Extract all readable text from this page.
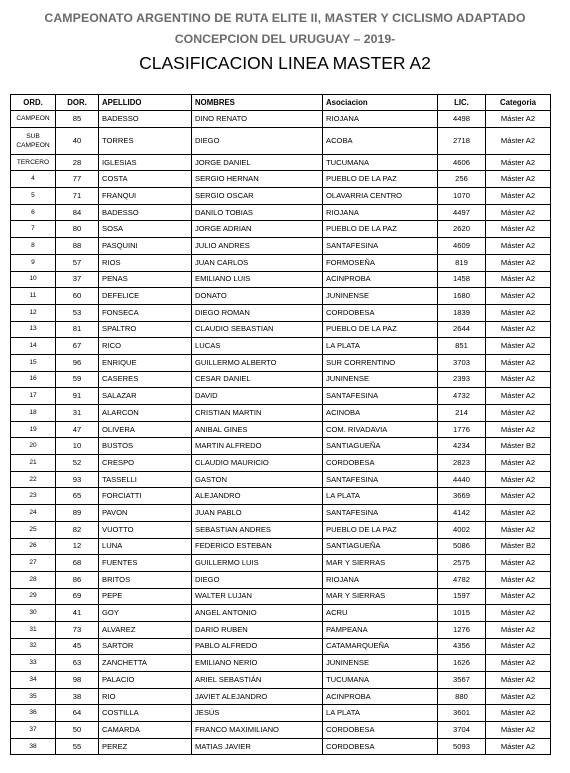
CAMPEONATO ARGENTINO DE RUTA ELITE II, MASTER Y CICLISMO ADAPTADO
CONCEPCION DEL URUGUAY – 2019-
CLASIFICACION LINEA MASTER A2
ORD.	DOR.	APELLIDO	NOMBRES	Asociacion	LIC.	Categoria
CAMPEON	85	BADESSO	DINO RENATO	RIOJANA	4498	Máster A2
SUB CAMPEON	40	TORRES	DIEGO	ACOBA	2718	Máster A2
TERCERO	28	IGLESIAS	JORGE DANIEL	TUCUMANA	4606	Máster A2
4	77	COSTA	SERGIO HERNAN	PUEBLO DE LA PAZ	256	Máster A2
5	71	FRANQUI	SERGIO OSCAR	OLAVARRIA CENTRO	1070	Máster A2
6	84	BADESSO	DANILO TOBIAS	RIOJANA	4497	Máster A2
7	80	SOSA	JORGE ADRIAN	PUEBLO DE LA PAZ	2620	Máster A2
8	88	PASQUINI	JULIO ANDRES	SANTAFESINA	4609	Máster A2
9	57	RIOS	JUAN CARLOS	FORMOSEÑA	819	Máster A2
10	37	PENAS	EMILIANO LUIS	ACINPROBA	1458	Máster A2
11	60	DEFELICE	DONATO	JUNINENSE	1680	Máster A2
12	53	FONSECA	DIEGO ROMAN	CORDOBESA	1839	Máster A2
13	81	SPALTRO	CLAUDIO SEBASTIAN	PUEBLO DE LA PAZ	2644	Máster A2
14	67	RICO	LUCAS	LA PLATA	851	Máster A2
15	96	ENRIQUE	GUILLERMO ALBERTO	SUR CORRENTINO	3703	Máster A2
16	59	CASERES	CESAR DANIEL	JUNINENSE	2393	Máster A2
17	91	SALAZAR	DAVID	SANTAFESINA	4732	Máster A2
18	31	ALARCON	CRISTIAN MARTIN	ACINOBA	214	Máster A2
19	47	OLIVERA	ANIBAL GINES	COM. RIVADAVIA	1776	Máster A2
20	10	BUSTOS	MARTIN ALFREDO	SANTIAGUEÑA	4234	Máster B2
21	52	CRESPO	CLAUDIO MAURICIO	CORDOBESA	2823	Máster A2
22	93	TASSELLI	GASTON	SANTAFESINA	4440	Máster A2
23	65	FORCIATTI	ALEJANDRO	LA PLATA	3669	Máster A2
24	89	PAVON	JUAN PABLO	SANTAFESINA	4142	Máster A2
25	82	VUOTTO	SEBASTIAN ANDRES	PUEBLO DE LA PAZ	4002	Máster A2
26	12	LUNA	FEDERICO ESTEBAN	SANTIAGUEÑA	5086	Máster B2
27	68	FUENTES	GUILLERMO LUIS	MAR Y SIERRAS	2575	Máster A2
28	86	BRITOS	DIEGO	RIOJANA	4782	Máster A2
29	69	PEPE	WALTER LUJAN	MAR Y SIERRAS	1597	Máster A2
30	41	GOY	ANGEL ANTONIO	ACRU	1015	Máster A2
31	73	ALVAREZ	DARIO RUBEN	PAMPEANA	1276	Máster A2
32	45	SARTOR	PABLO ALFREDO	CATAMARQUEÑA	4356	Máster A2
33	63	ZANCHETTA	EMILIANO NERIO	JUNINENSE	1626	Máster A2
34	98	PALACIO	ARIEL SEBASTIÁN	TUCUMANA	3567	Máster A2
35	38	RIO	JAVIET ALEJANDRO	ACINPROBA	880	Máster A2
36	64	COSTILLA	JESÚS	LA PLATA	3601	Máster A2
37	50	CAMARDA	FRANCO MAXIMILIANO	CORDOBESA	3704	Máster A2
38	55	PEREZ	MATIAS JAVIER	CORDOBESA	5093	Máster A2
